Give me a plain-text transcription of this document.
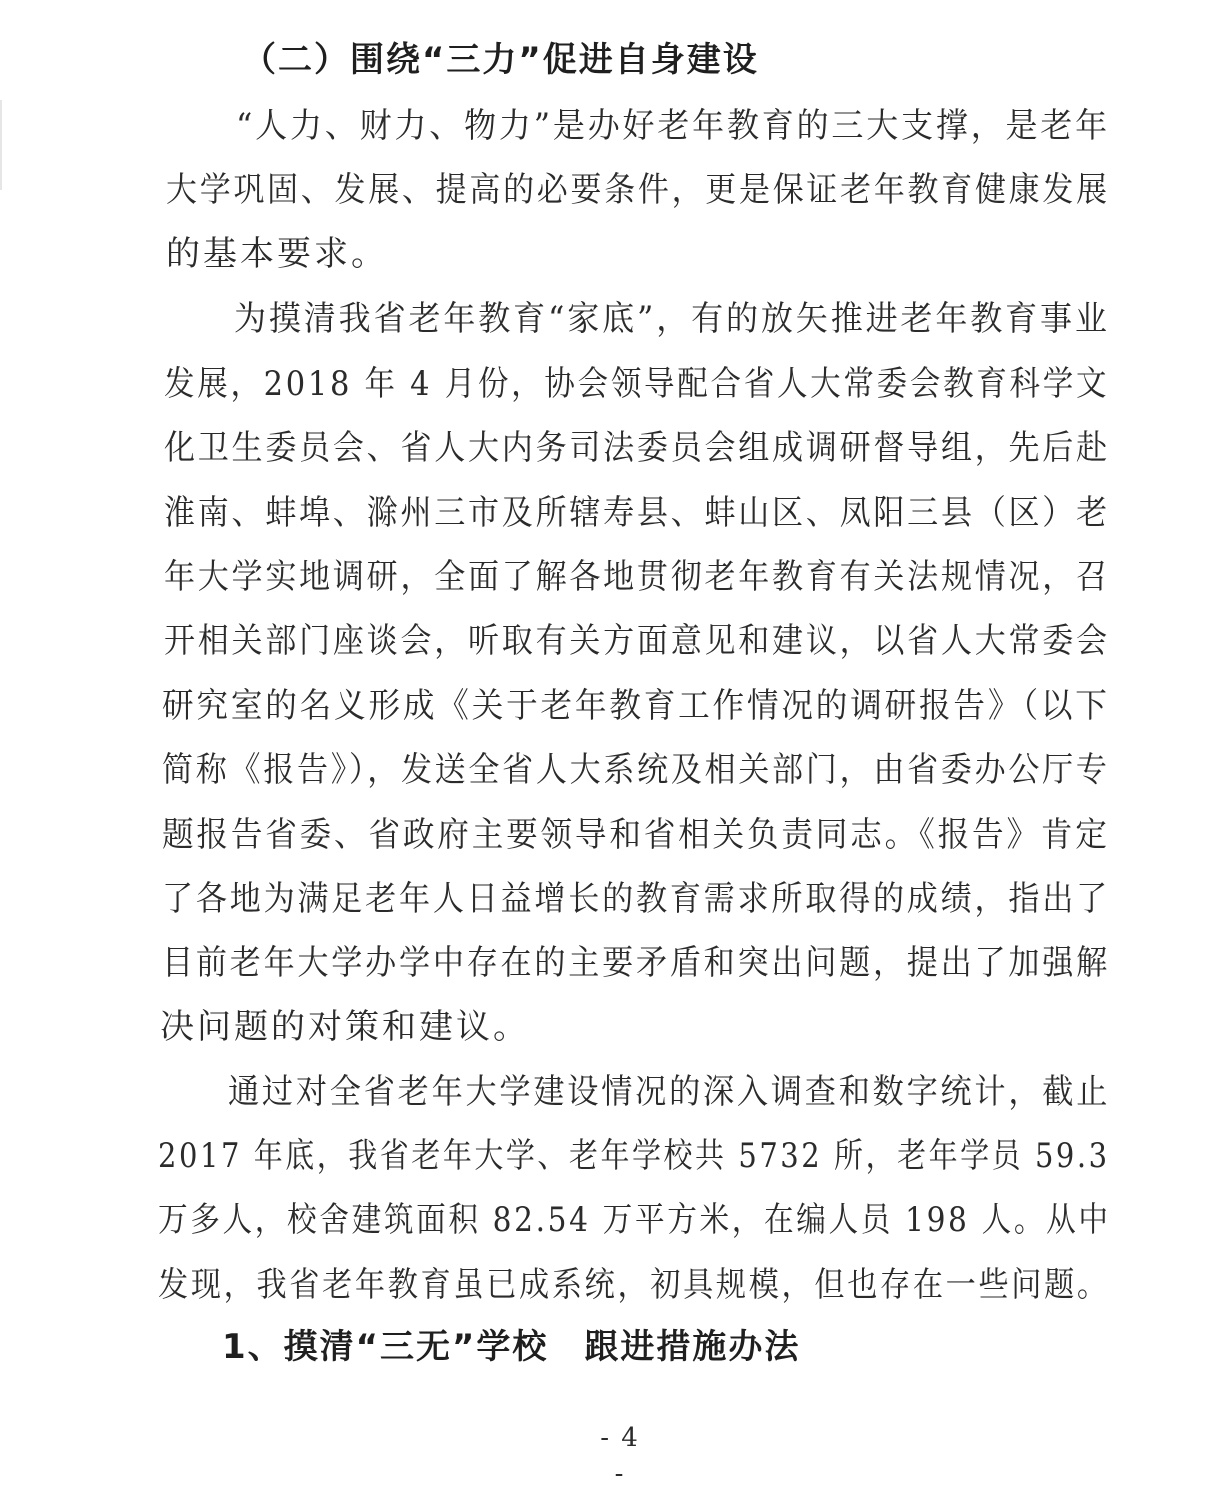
（二）围绕“三力”促进自身建设
“人力、财力、物力”是办好老年教育的三大支撑，是老年
大学巩固、发展、提高的必要条件，更是保证老年教育健康发展
的基本要求。
为摸清我省老年教育“家底”，有的放矢推进老年教育事业
发展，2018 年 4 月份，协会领导配合省人大常委会教育科学文
化卫生委员会、省人大内务司法委员会组成调研督导组，先后赴
淮南、蚌埠、滁州三市及所辖寿县、蚌山区、凤阳三县（区）老
年大学实地调研，全面了解各地贯彻老年教育有关法规情况，召
开相关部门座谈会，听取有关方面意见和建议，以省人大常委会
研究室的名义形成《关于老年教育工作情况的调研报告》（以下
简称《报告》），发送全省人大系统及相关部门，由省委办公厅专
题报告省委、省政府主要领导和省相关负责同志。《报告》肯定
了各地为满足老年人日益增长的教育需求所取得的成绩，指出了
目前老年大学办学中存在的主要矛盾和突出问题，提出了加强解
决问题的对策和建议。
通过对全省老年大学建设情况的深入调查和数字统计，截止
2017 年底，我省老年大学、老年学校共 5732 所，老年学员 59.3
万多人，校舍建筑面积 82.54 万平方米，在编人员 198 人。从中
发现，我省老年教育虽已成系统，初具规模，但也存在一些问题。
1、摸清“三无”学校　跟进措施办法
- 4 -
